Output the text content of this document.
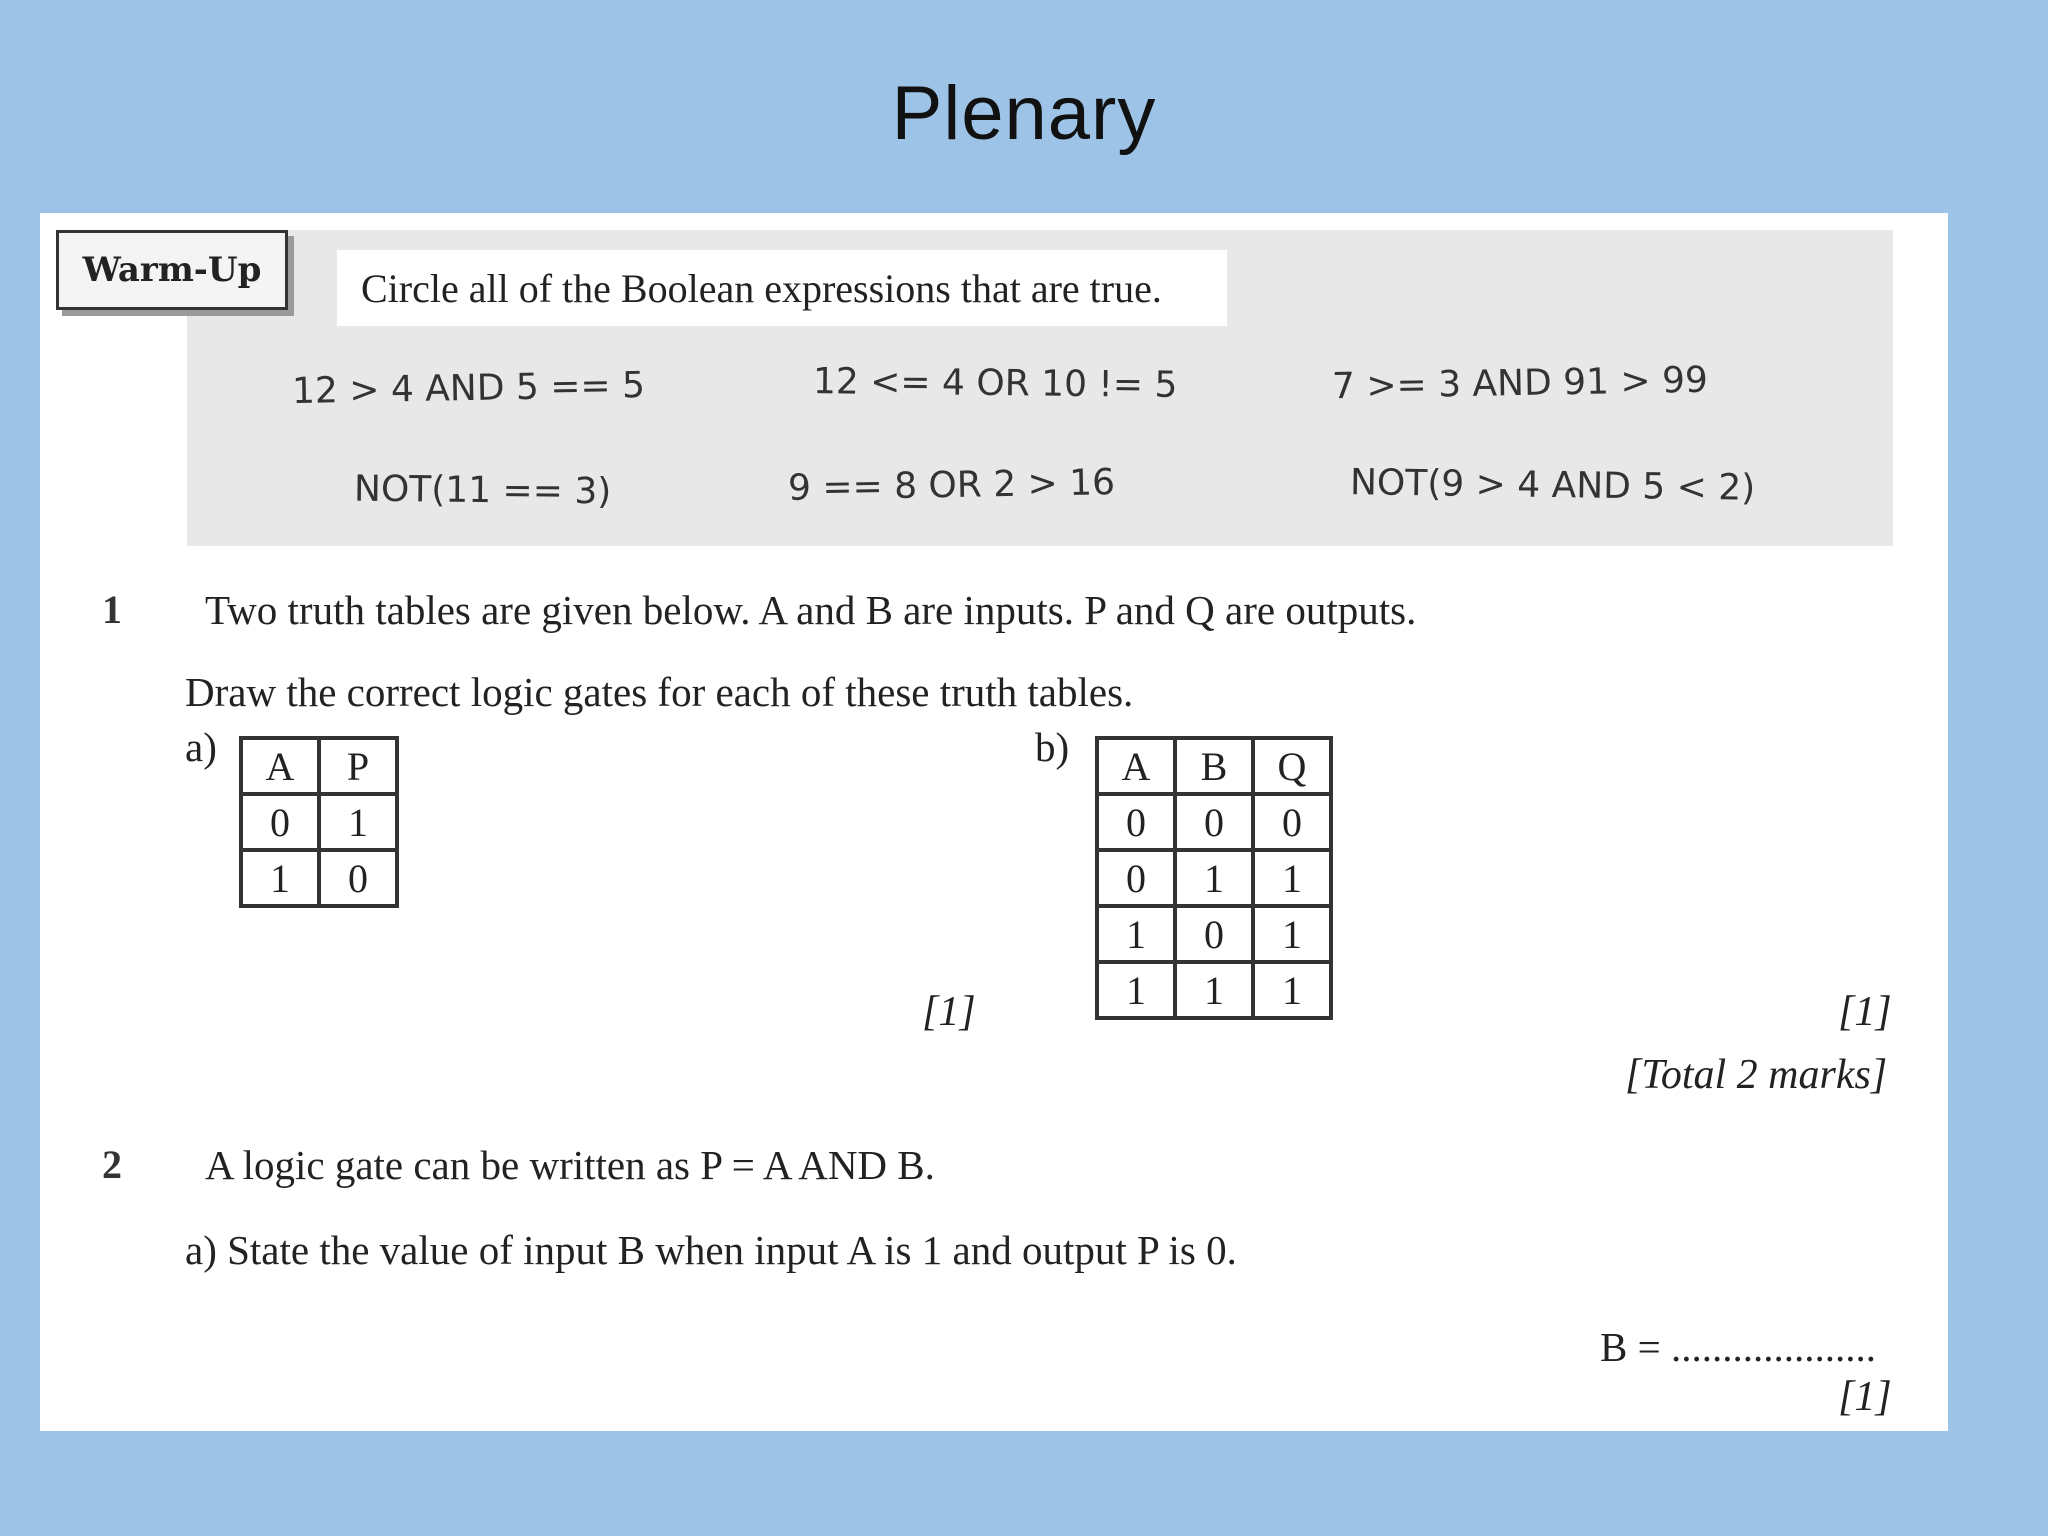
Plenary
Warm-Up	Circle all of the Boolean expressions that are true.
12 > 4 AND 5 == 5	12 <= 4 OR 10 != 5	7 >= 3 AND 91 > 99
NOT(11 == 3)	9 == 8 OR 2 > 16	NOT(9 > 4 AND 5 < 2)
1 Two truth tables are given below. A and B are inputs. P and Q are outputs.
Draw the correct logic gates for each of these truth tables.
a) A	P
0	1
1	0
[1]
b) A	B	Q
0	0	0
0	1	1
1	0	1
1	1	1	[1]
[Total 2 marks]
2 A logic gate can be written as P = A AND B.
a) State the value of input B when input A is 1 and output P is 0.
B = ....................
[1]
